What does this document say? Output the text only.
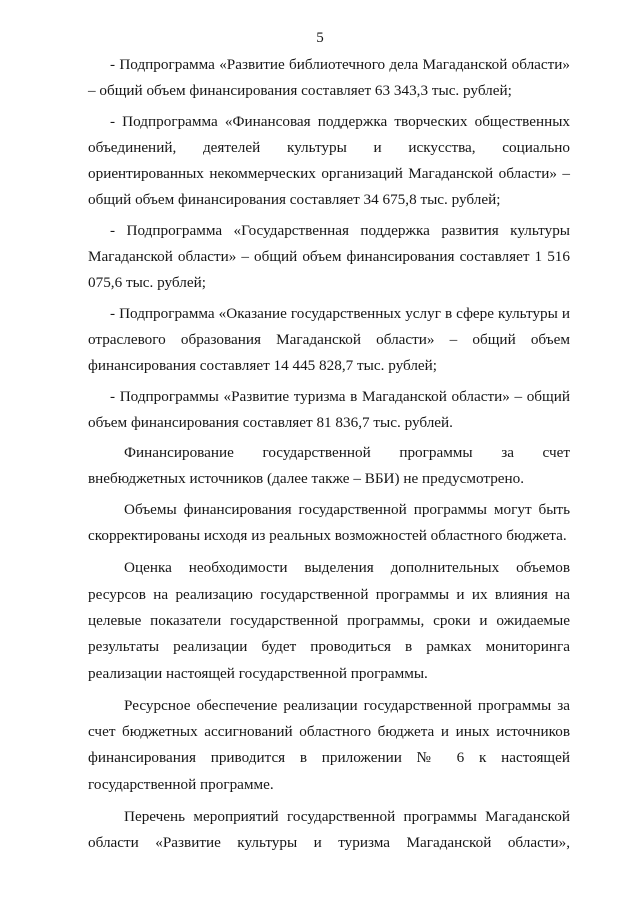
5

- Подпрограмма «Развитие библиотечного дела Магаданской области» – общий объем финансирования составляет 63 343,3 тыс. рублей;

- Подпрограмма «Финансовая поддержка творческих общественных объединений, деятелей культуры и искусства, социально ориентированных некоммерческих организаций Магаданской области» – общий объем финансирования составляет 34 675,8 тыс. рублей;

- Подпрограмма «Государственная поддержка развития культуры Магаданской области» – общий объем финансирования составляет 1 516 075,6 тыс. рублей;

- Подпрограмма «Оказание государственных услуг в сфере культуры и отраслевого образования Магаданской области» – общий объем финансирования составляет 14 445 828,7 тыс. рублей;

- Подпрограммы «Развитие туризма в Магаданской области» – общий объем финансирования составляет 81 836,7 тыс. рублей.

Финансирование государственной программы за счет внебюджетных источников (далее также – ВБИ) не предусмотрено.

Объемы финансирования государственной программы могут быть скорректированы исходя из реальных возможностей областного бюджета.

Оценка необходимости выделения дополнительных объемов ресурсов на реализацию государственной программы и их влияния на целевые показатели государственной программы, сроки и ожидаемые результаты реализации будет проводиться в рамках мониторинга реализации настоящей государственной программы.

Ресурсное обеспечение реализации государственной программы за счет бюджетных ассигнований областного бюджета и иных источников финансирования приводится в приложении № 6 к настоящей государственной программе.

Перечень мероприятий государственной программы Магаданской области «Развитие культуры и туризма Магаданской области»,
